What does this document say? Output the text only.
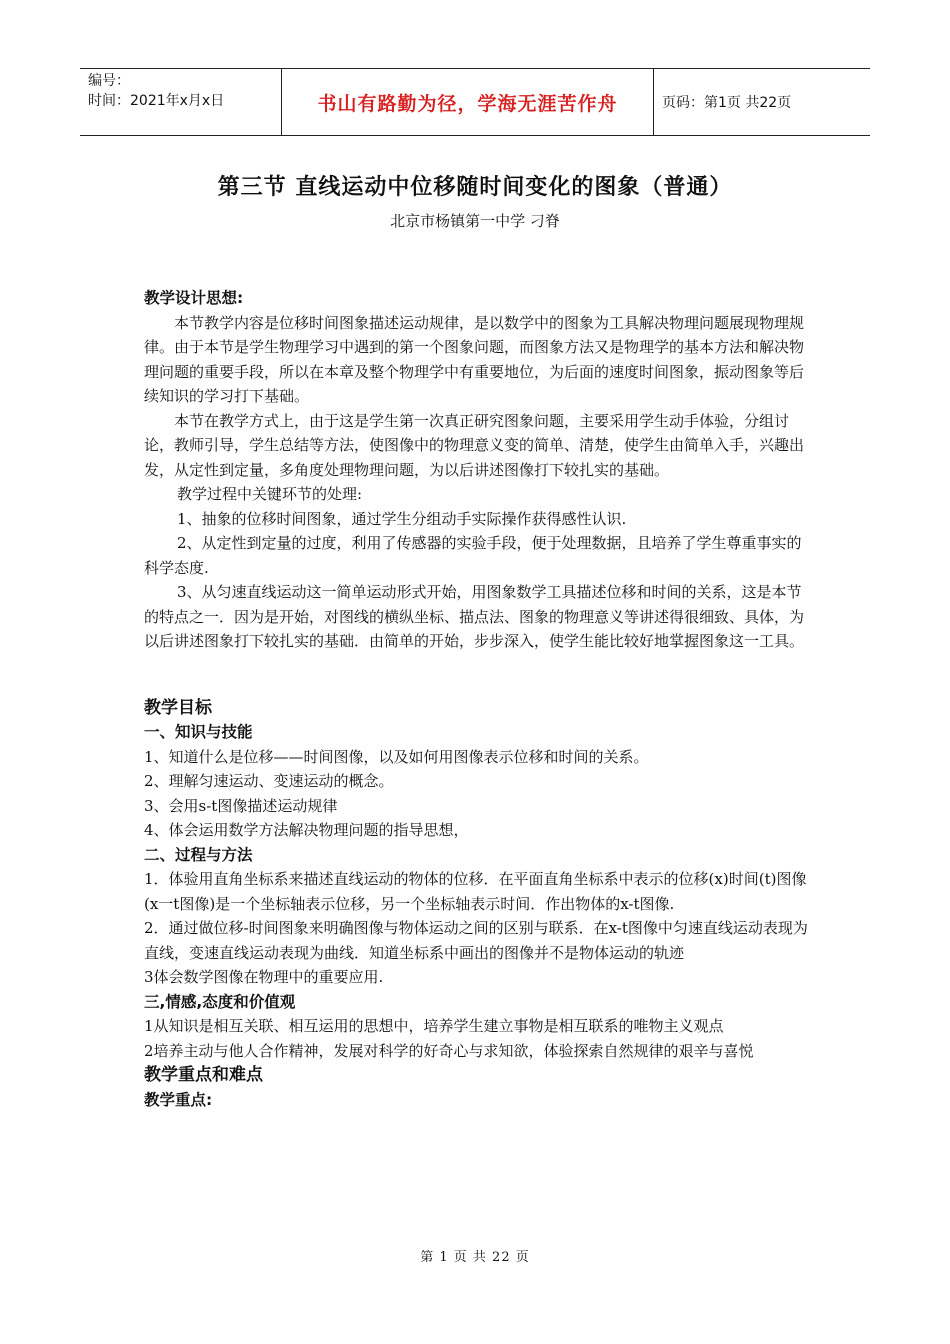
编号：
时间：2021年x月x日	书山有路勤为径，学海无涯苦作舟	页码：第1页 共22页
第三节 直线运动中位移随时间变化的图象（普通）
北京市杨镇第一中学 刁脊

教学设计思想:

本节教学内容是位移时间图象描述运动规律，是以数学中的图象为工具解决物理问题展现物理规律。由于本节是学生物理学习中遇到的第一个图象问题，而图象方法又是物理学的基本方法和解决物理问题的重要手段，所以在本章及整个物理学中有重要地位，为后面的速度时间图象，振动图象等后续知识的学习打下基础。

本节在教学方式上，由于这是学生第一次真正研究图象问题，主要采用学生动手体验，分组讨论，教师引导，学生总结等方法，使图像中的物理意义变的简单、清楚，使学生由简单入手，兴趣出发，从定性到定量，多角度处理物理问题，为以后讲述图像打下较扎实的基础。

教学过程中关键环节的处理:

1、抽象的位移时间图象，通过学生分组动手实际操作获得感性认识.

2、从定性到定量的过度，利用了传感器的实验手段，便于处理数据，且培养了学生尊重事实的科学态度.

3、从匀速直线运动这一简单运动形式开始，用图象数学工具描述位移和时间的关系，这是本节的特点之一．因为是开始，对图线的横纵坐标、描点法、图象的物理意义等讲述得很细致、具体，为以后讲述图象打下较扎实的基础．由简单的开始，步步深入，使学生能比较好地掌握图象这一工具。

教学目标

一、知识与技能

1、知道什么是位移——时间图像，以及如何用图像表示位移和时间的关系。

2、理解匀速运动、变速运动的概念。

3、会用s-t图像描述运动规律

4、体会运用数学方法解决物理问题的指导思想，

二、过程与方法

1．体验用直角坐标系来描述直线运动的物体的位移．在平面直角坐标系中表示的位移(x)时间(t)图像(x一t图像)是一个坐标轴表示位移，另一个坐标轴表示时间．作出物体的x-t图像.

2．通过做位移-时间图象来明确图像与物体运动之间的区别与联系．在x-t图像中匀速直线运动表现为直线，变速直线运动表现为曲线．知道坐标系中画出的图像并不是物体运动的轨迹

3体会数学图像在物理中的重要应用.

三,情感,态度和价值观

1从知识是相互关联、相互运用的思想中，培养学生建立事物是相互联系的唯物主义观点

2培养主动与他人合作精神，发展对科学的好奇心与求知欲，体验探索自然规律的艰辛与喜悦

教学重点和难点

教学重点:

第 1 页 共 22 页
